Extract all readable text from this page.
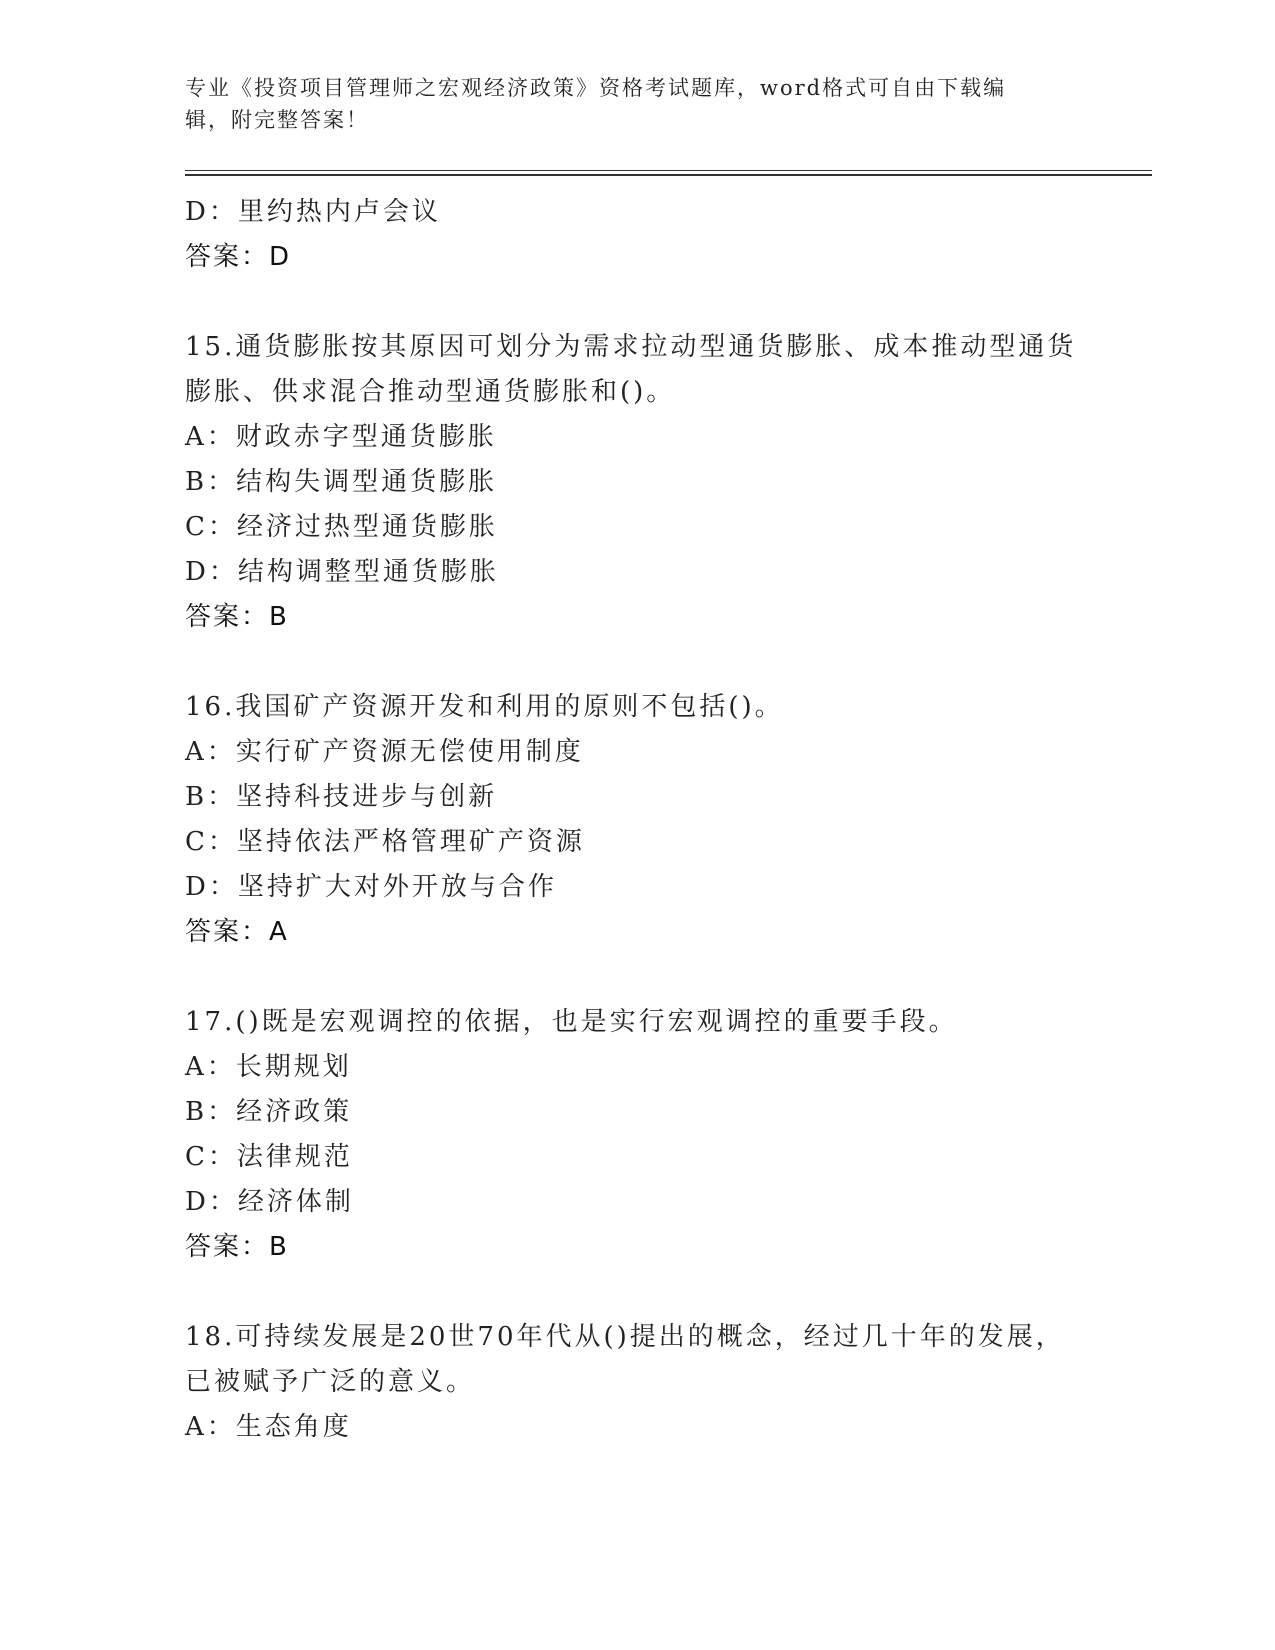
专业《投资项目管理师之宏观经济政策》资格考试题库，word格式可自由下载编
辑，附完整答案！
D：里约热内卢会议
答案：D
15.通货膨胀按其原因可划分为需求拉动型通货膨胀、成本推动型通货
膨胀、供求混合推动型通货膨胀和()。
A：财政赤字型通货膨胀
B：结构失调型通货膨胀
C：经济过热型通货膨胀
D：结构调整型通货膨胀
答案：B
16.我国矿产资源开发和利用的原则不包括()。
A：实行矿产资源无偿使用制度
B：坚持科技进步与创新
C：坚持依法严格管理矿产资源
D：坚持扩大对外开放与合作
答案：A
17.()既是宏观调控的依据，也是实行宏观调控的重要手段。
A：长期规划
B：经济政策
C：法律规范
D：经济体制
答案：B
18.可持续发展是20世70年代从()提出的概念，经过几十年的发展，
已被赋予广泛的意义。
A：生态角度
